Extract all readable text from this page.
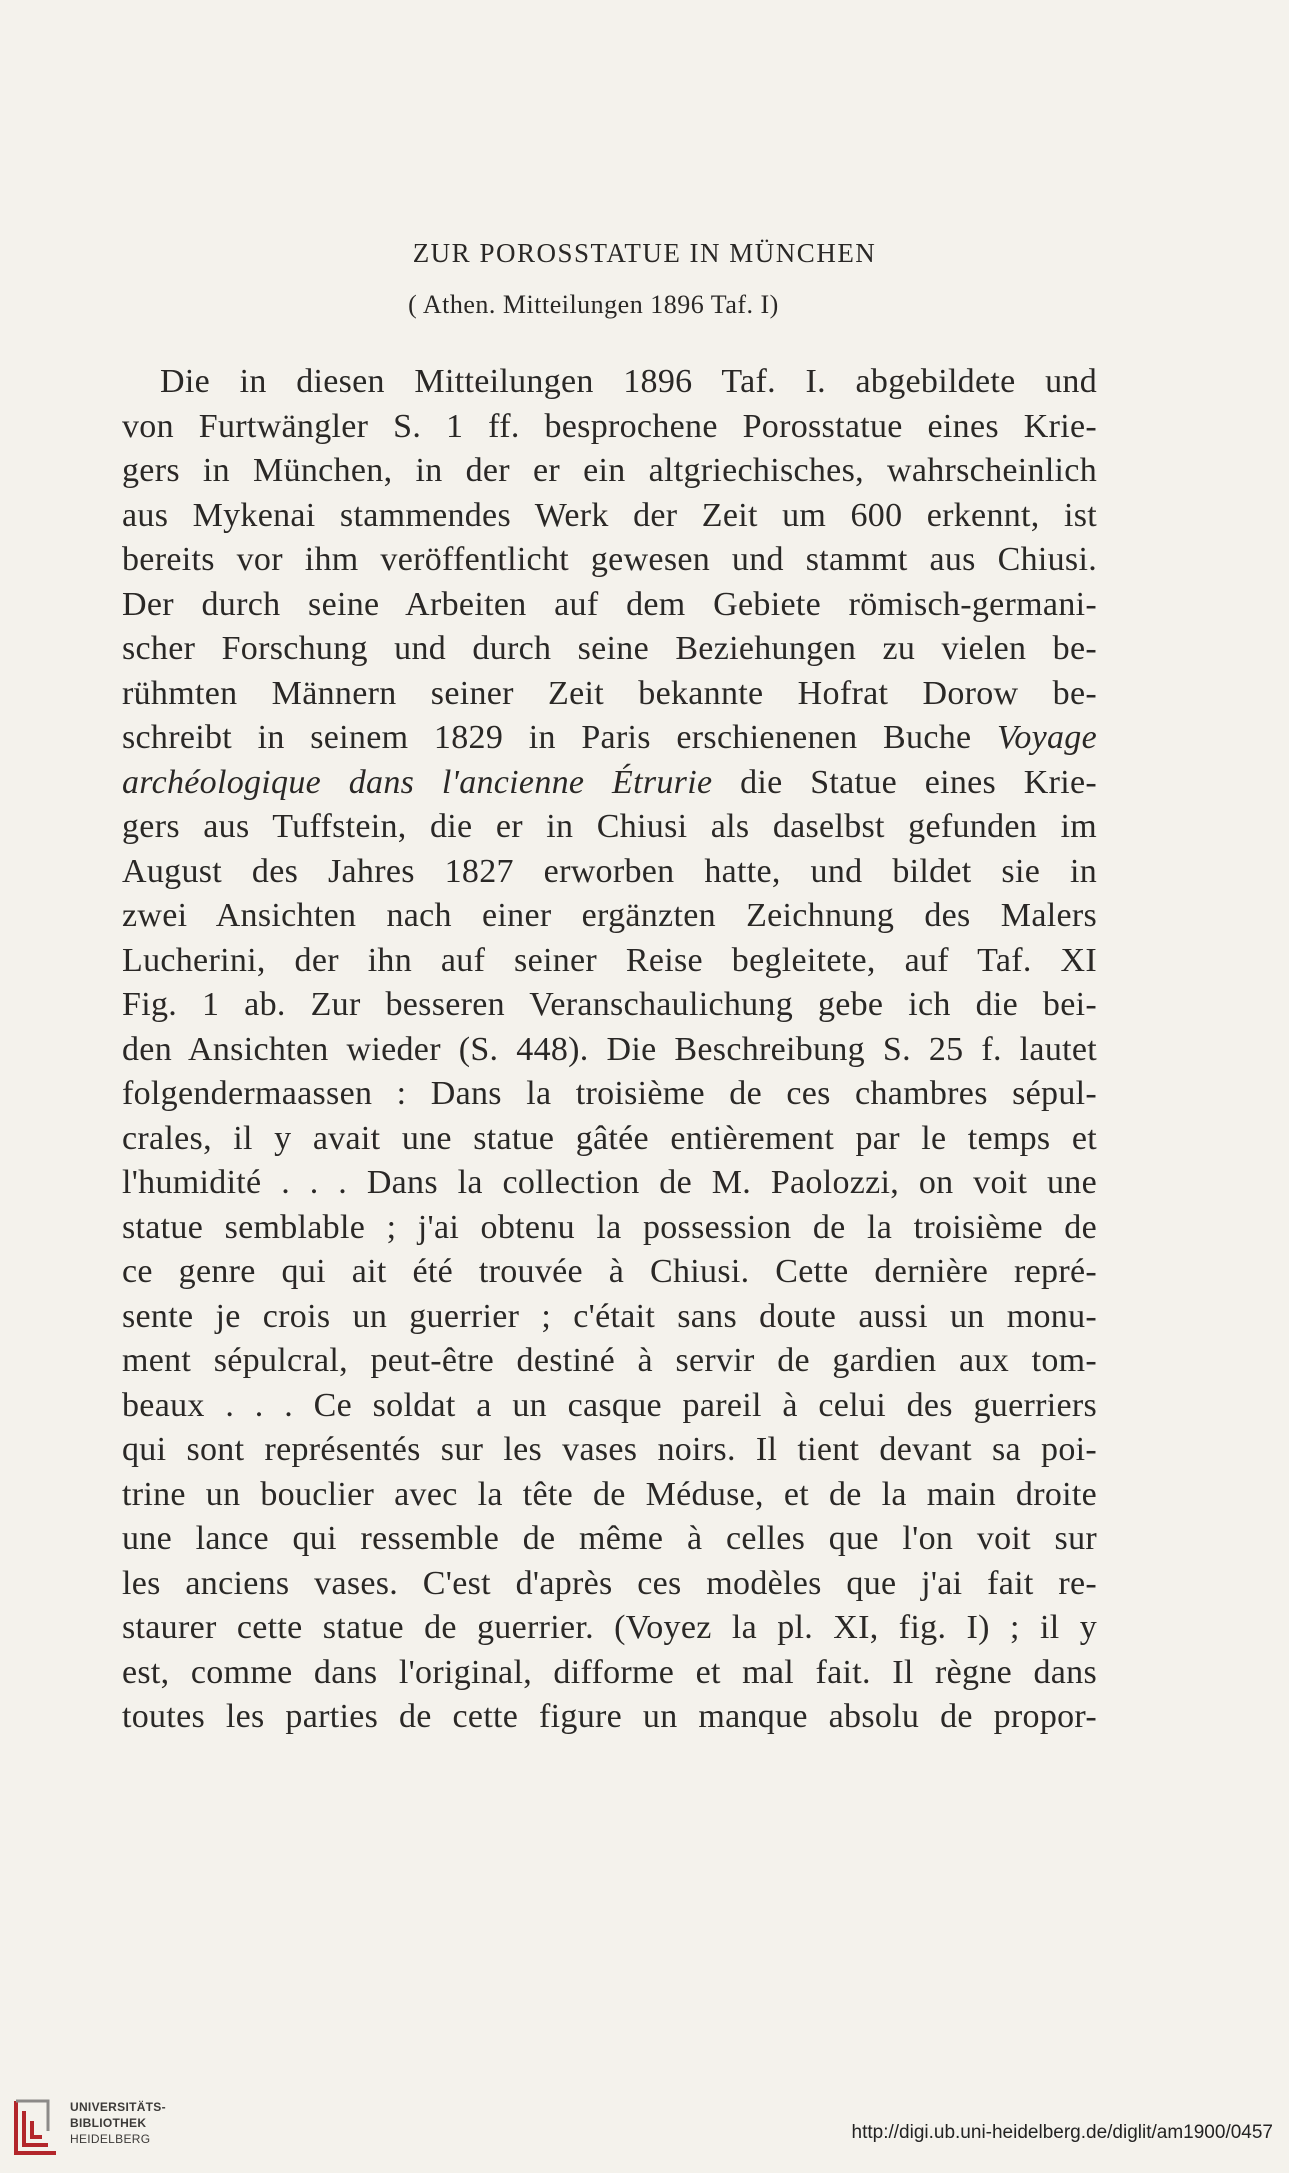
ZUR POROSSTATUE IN MÜNCHEN
( Athen. Mitteilungen 1896 Taf. I)
Die in diesen Mitteilungen 1896 Taf. I. abgebildete und
von Furtwängler S. 1 ff. besprochene Porosstatue eines Krie-
gers in München, in der er ein altgriechisches, wahrscheinlich
aus Mykenai stammendes Werk der Zeit um 600 erkennt, ist
bereits vor ihm veröffentlicht gewesen und stammt aus Chiusi.
Der durch seine Arbeiten auf dem Gebiete römisch-germani-
scher Forschung und durch seine Beziehungen zu vielen be-
rühmten Männern seiner Zeit bekannte Hofrat Dorow be-
schreibt in seinem 1829 in Paris erschienenen Buche Voyage
archéologique dans l'ancienne Étrurie die Statue eines Krie-
gers aus Tuffstein, die er in Chiusi als daselbst gefunden im
August des Jahres 1827 erworben hatte, und bildet sie in
zwei Ansichten nach einer ergänzten Zeichnung des Malers
Lucherini, der ihn auf seiner Reise begleitete, auf Taf. XI
Fig. 1 ab. Zur besseren Veranschaulichung gebe ich die bei-
den Ansichten wieder (S. 448). Die Beschreibung S. 25 f. lautet
folgendermaassen : Dans la troisième de ces chambres sépul-
crales, il y avait une statue gâtée entièrement par le temps et
l'humidité . . . Dans la collection de M. Paolozzi, on voit une
statue semblable ; j'ai obtenu la possession de la troisième de
ce genre qui ait été trouvée à Chiusi. Cette dernière repré-
sente je crois un guerrier ; c'était sans doute aussi un monu-
ment sépulcral, peut-être destiné à servir de gardien aux tom-
beaux . . . Ce soldat a un casque pareil à celui des guerriers
qui sont représentés sur les vases noirs. Il tient devant sa poi-
trine un bouclier avec la tête de Méduse, et de la main droite
une lance qui ressemble de même à celles que l'on voit sur
les anciens vases. C'est d'après ces modèles que j'ai fait re-
staurer cette statue de guerrier. (Voyez la pl. XI, fig. I) ; il y
est, comme dans l'original, difforme et mal fait. Il règne dans
toutes les parties de cette figure un manque absolu de propor-
UNIVERSITÄTS-
BIBLIOTHEK
HEIDELBERG	http://digi.ub.uni-heidelberg.de/diglit/am1900/0457
